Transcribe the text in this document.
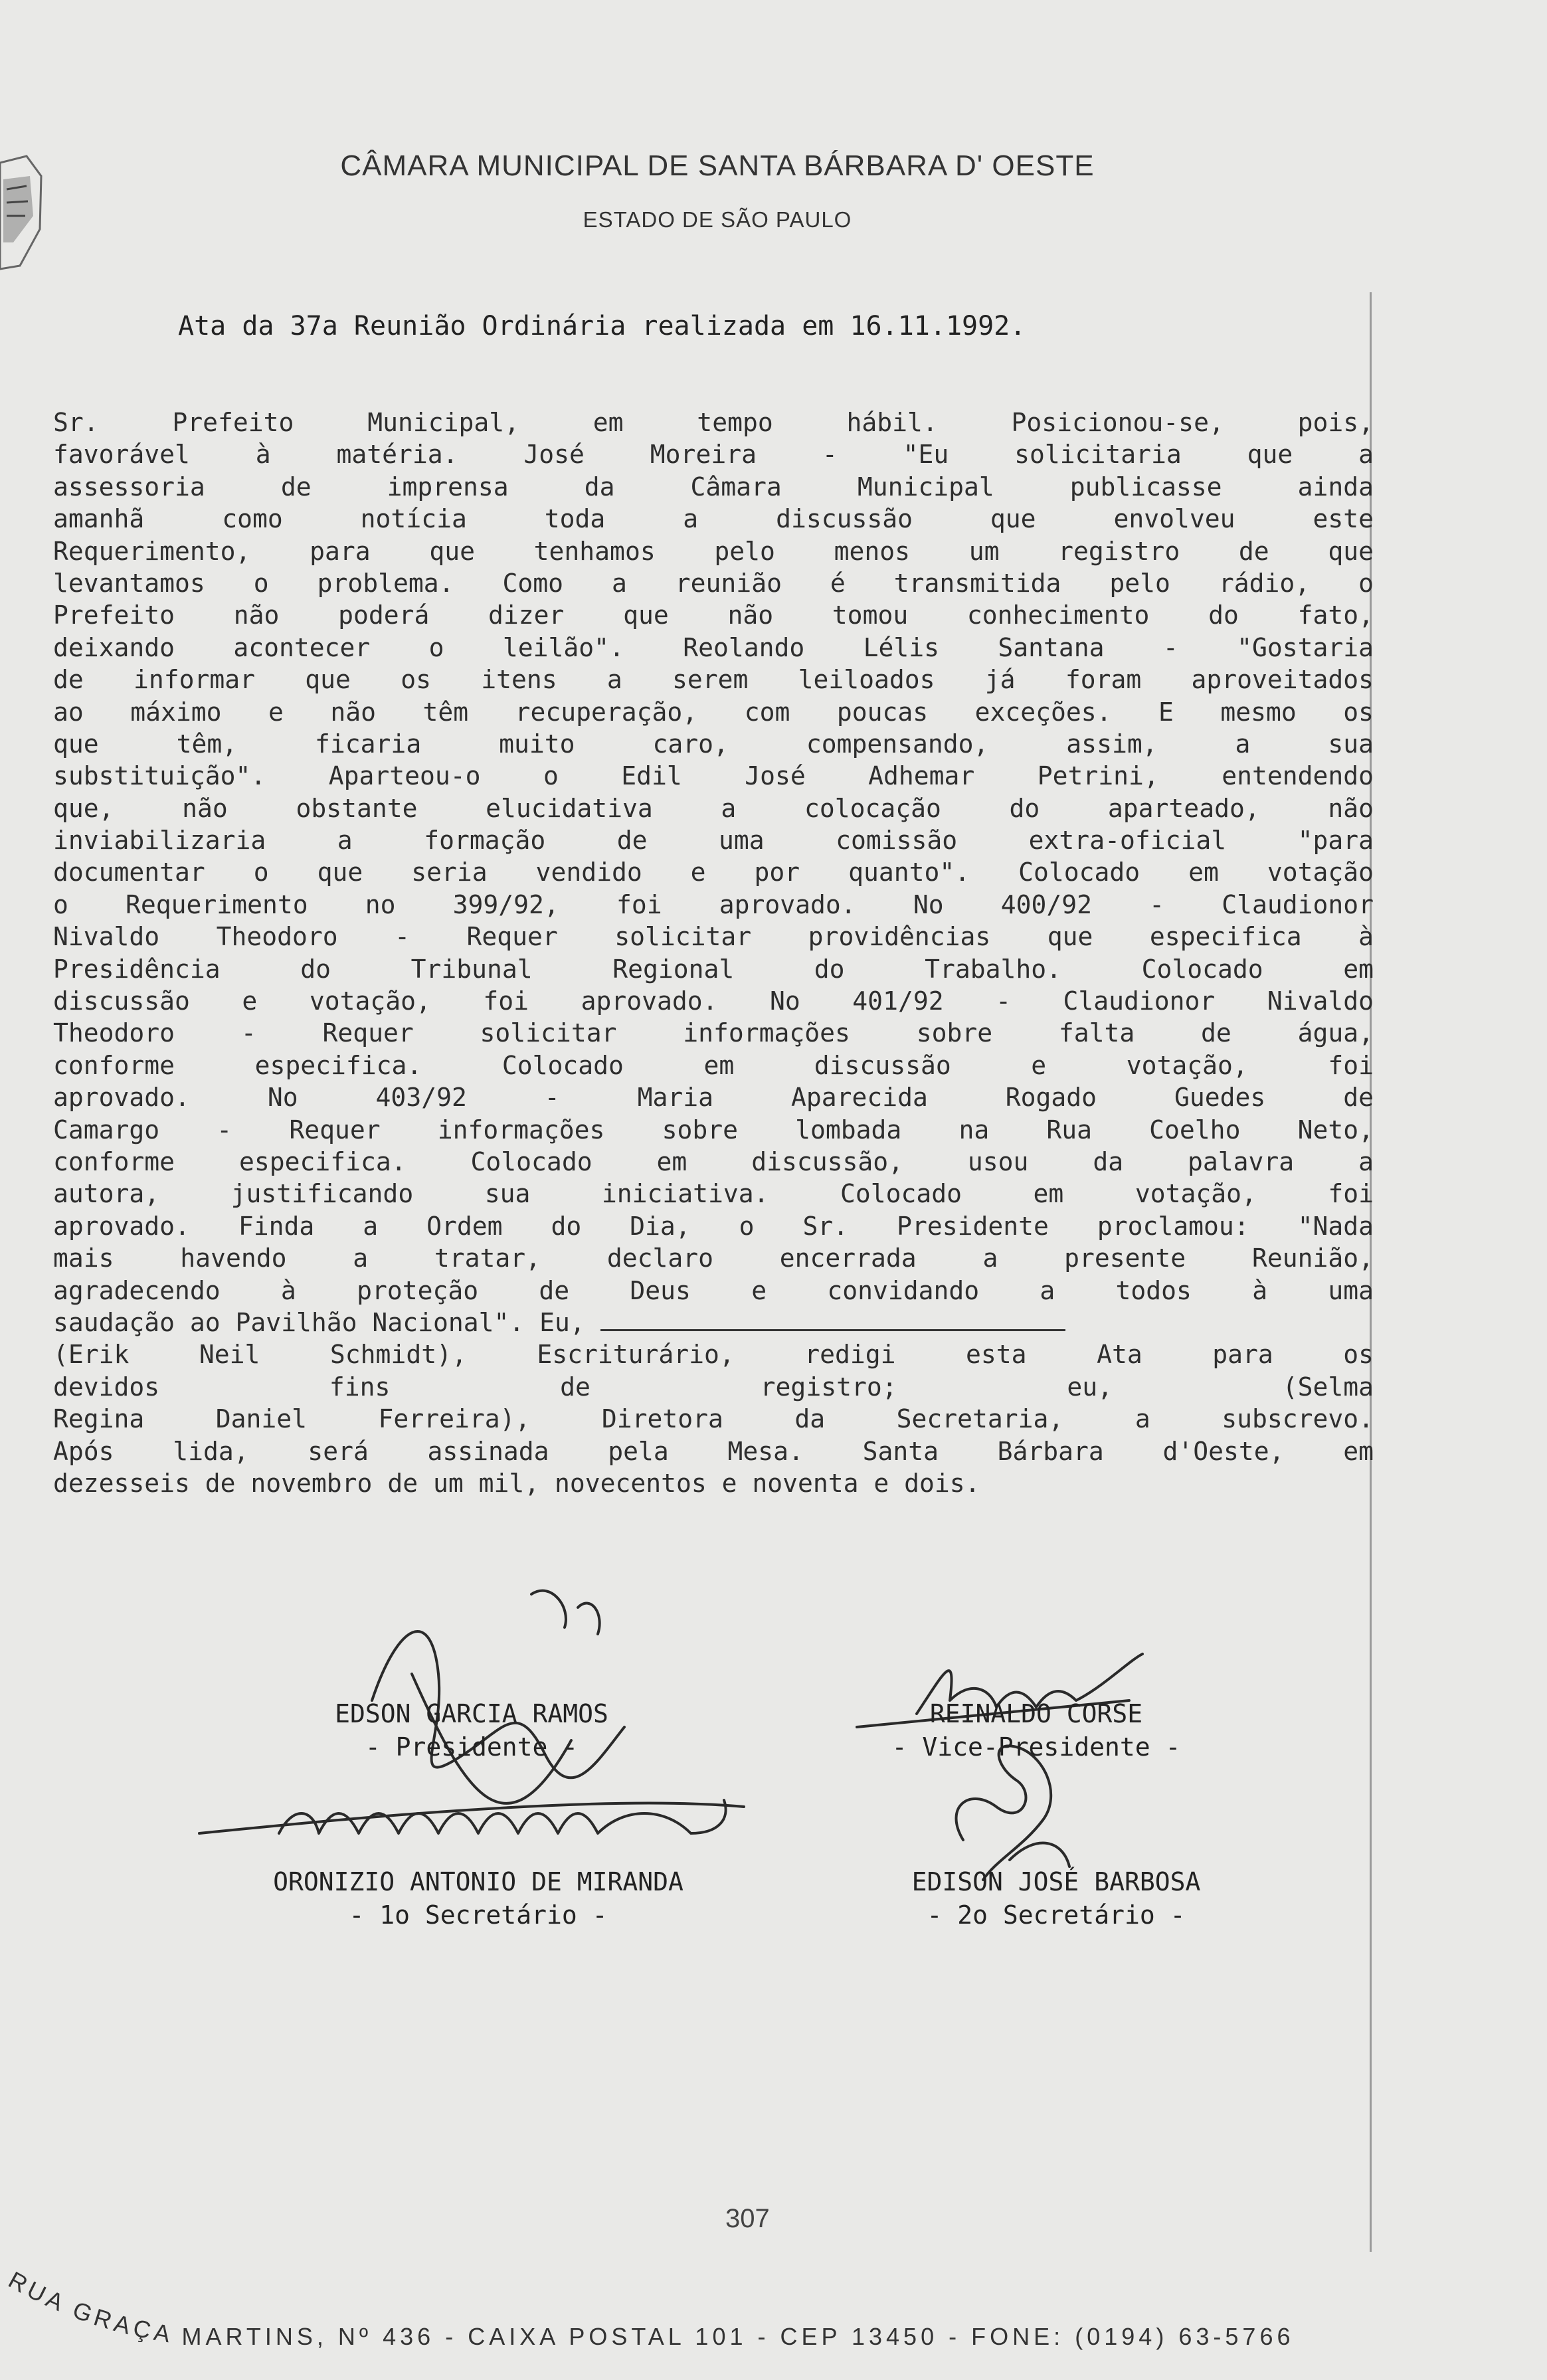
CÂMARA MUNICIPAL DE SANTA BÁRBARA D' OESTE
ESTADO DE SÃO PAULO
Ata da 37a Reunião Ordinária realizada em 16.11.1992.
Sr. Prefeito Municipal, em tempo hábil. Posicionou-se, pois,
favorável à matéria. José Moreira - "Eu solicitaria que a
assessoria de imprensa da Câmara Municipal publicasse ainda
amanhã como notícia toda a discussão que envolveu este
Requerimento, para que tenhamos pelo menos um registro de que
levantamos o problema. Como a reunião é transmitida pelo rádio, o
Prefeito não poderá dizer que não tomou conhecimento do fato,
deixando acontecer o leilão". Reolando Lélis Santana - "Gostaria
de informar que os itens a serem leiloados já foram aproveitados
ao máximo e não têm recuperação, com poucas exceções. E mesmo os
que têm, ficaria muito caro, compensando, assim, a sua
substituição". Aparteou-o o Edil José Adhemar Petrini, entendendo
que, não obstante elucidativa a colocação do aparteado, não
inviabilizaria a formação de uma comissão extra-oficial "para
documentar o que seria vendido e por quanto". Colocado em votação
o Requerimento no 399/92, foi aprovado. No 400/92 - Claudionor
Nivaldo Theodoro - Requer solicitar providências que especifica à
Presidência do Tribunal Regional do Trabalho. Colocado em
discussão e votação, foi aprovado. No 401/92 - Claudionor Nivaldo
Theodoro - Requer solicitar informações sobre falta de água,
conforme especifica. Colocado em discussão e votação, foi
aprovado. No 403/92 - Maria Aparecida Rogado Guedes de
Camargo - Requer informações sobre lombada na Rua Coelho Neto,
conforme especifica. Colocado em discussão, usou da palavra a
autora, justificando sua iniciativa. Colocado em votação, foi
aprovado. Finda a Ordem do Dia, o Sr. Presidente proclamou: "Nada
mais havendo a tratar, declaro encerrada a presente Reunião,
agradecendo à proteção de Deus e convidando a todos à uma
saudação ao Pavilhão Nacional". Eu,
(Erik Neil Schmidt), Escriturário, redigi esta Ata para os
devidos fins de registro; eu, (Selma
Regina Daniel Ferreira), Diretora da Secretaria, a subscrevo.
Após lida, será assinada pela Mesa. Santa Bárbara d'Oeste, em
dezesseis de novembro de um mil, novecentos e noventa e dois.
EDSON GARCIA RAMOS
- Presidente -
REINALDO CORSE
- Vice-Presidente -
ORONIZIO ANTONIO DE MIRANDA
- 1o Secretário -
EDISON JOSÉ BARBOSA
- 2o Secretário -
307
RUA GRAÇA MARTINS, Nº 436 - CAIXA POSTAL 101 - CEP 13450 - FONE: (0194) 63-5766
